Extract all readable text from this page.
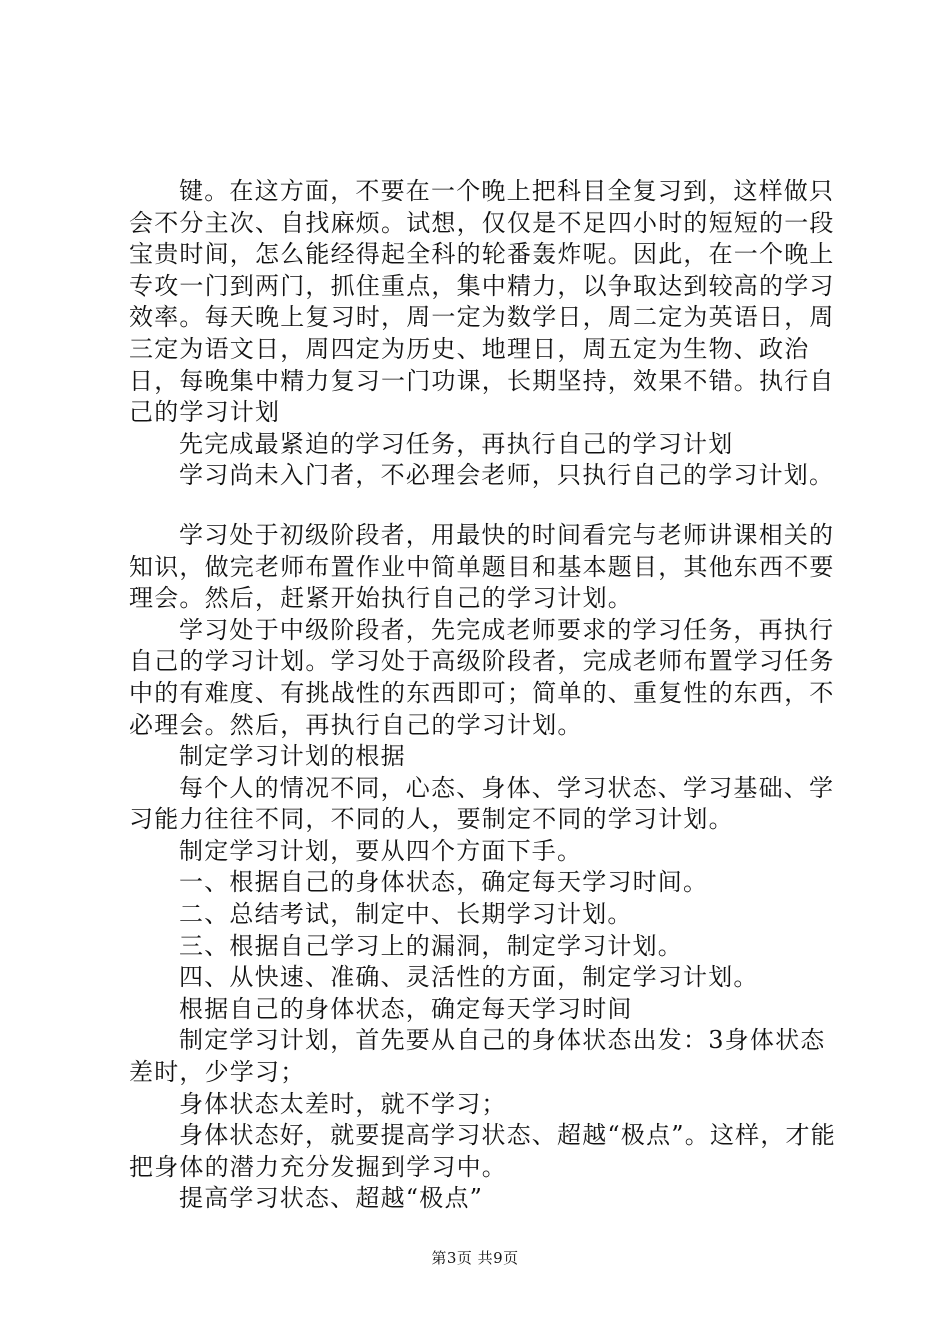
键。在这方面，不要在一个晚上把科目全复习到，这样做只会不分主次、自找麻烦。试想，仅仅是不足四小时的短短的一段宝贵时间，怎么能经得起全科的轮番轰炸呢。因此，在一个晚上专攻一门到两门，抓住重点，集中精力，以争取达到较高的学习效率。每天晚上复习时，周一定为数学日，周二定为英语日，周三定为语文日，周四定为历史、地理日，周五定为生物、政治日，每晚集中精力复习一门功课，长期坚持，效果不错。执行自己的学习计划

先完成最紧迫的学习任务，再执行自己的学习计划

学习尚未入门者，不必理会老师，只执行自己的学习计划。

学习处于初级阶段者，用最快的时间看完与老师讲课相关的知识，做完老师布置作业中简单题目和基本题目，其他东西不要理会。然后，赶紧开始执行自己的学习计划。

学习处于中级阶段者，先完成老师要求的学习任务，再执行自己的学习计划。学习处于高级阶段者，完成老师布置学习任务中的有难度、有挑战性的东西即可；简单的、重复性的东西，不必理会。然后，再执行自己的学习计划。

制定学习计划的根据

每个人的情况不同，心态、身体、学习状态、学习基础、学习能力往往不同，不同的人，要制定不同的学习计划。

制定学习计划，要从四个方面下手。

一、根据自己的身体状态，确定每天学习时间。

二、总结考试，制定中、长期学习计划。

三、根据自己学习上的漏洞，制定学习计划。

四、从快速、准确、灵活性的方面，制定学习计划。

根据自己的身体状态，确定每天学习时间

制定学习计划，首先要从自己的身体状态出发：3身体状态差时，少学习；

身体状态太差时，就不学习；

身体状态好，就要提高学习状态、超越“极点”。这样，才能把身体的潜力充分发掘到学习中。

提高学习状态、超越“极点”

第3页 共9页
